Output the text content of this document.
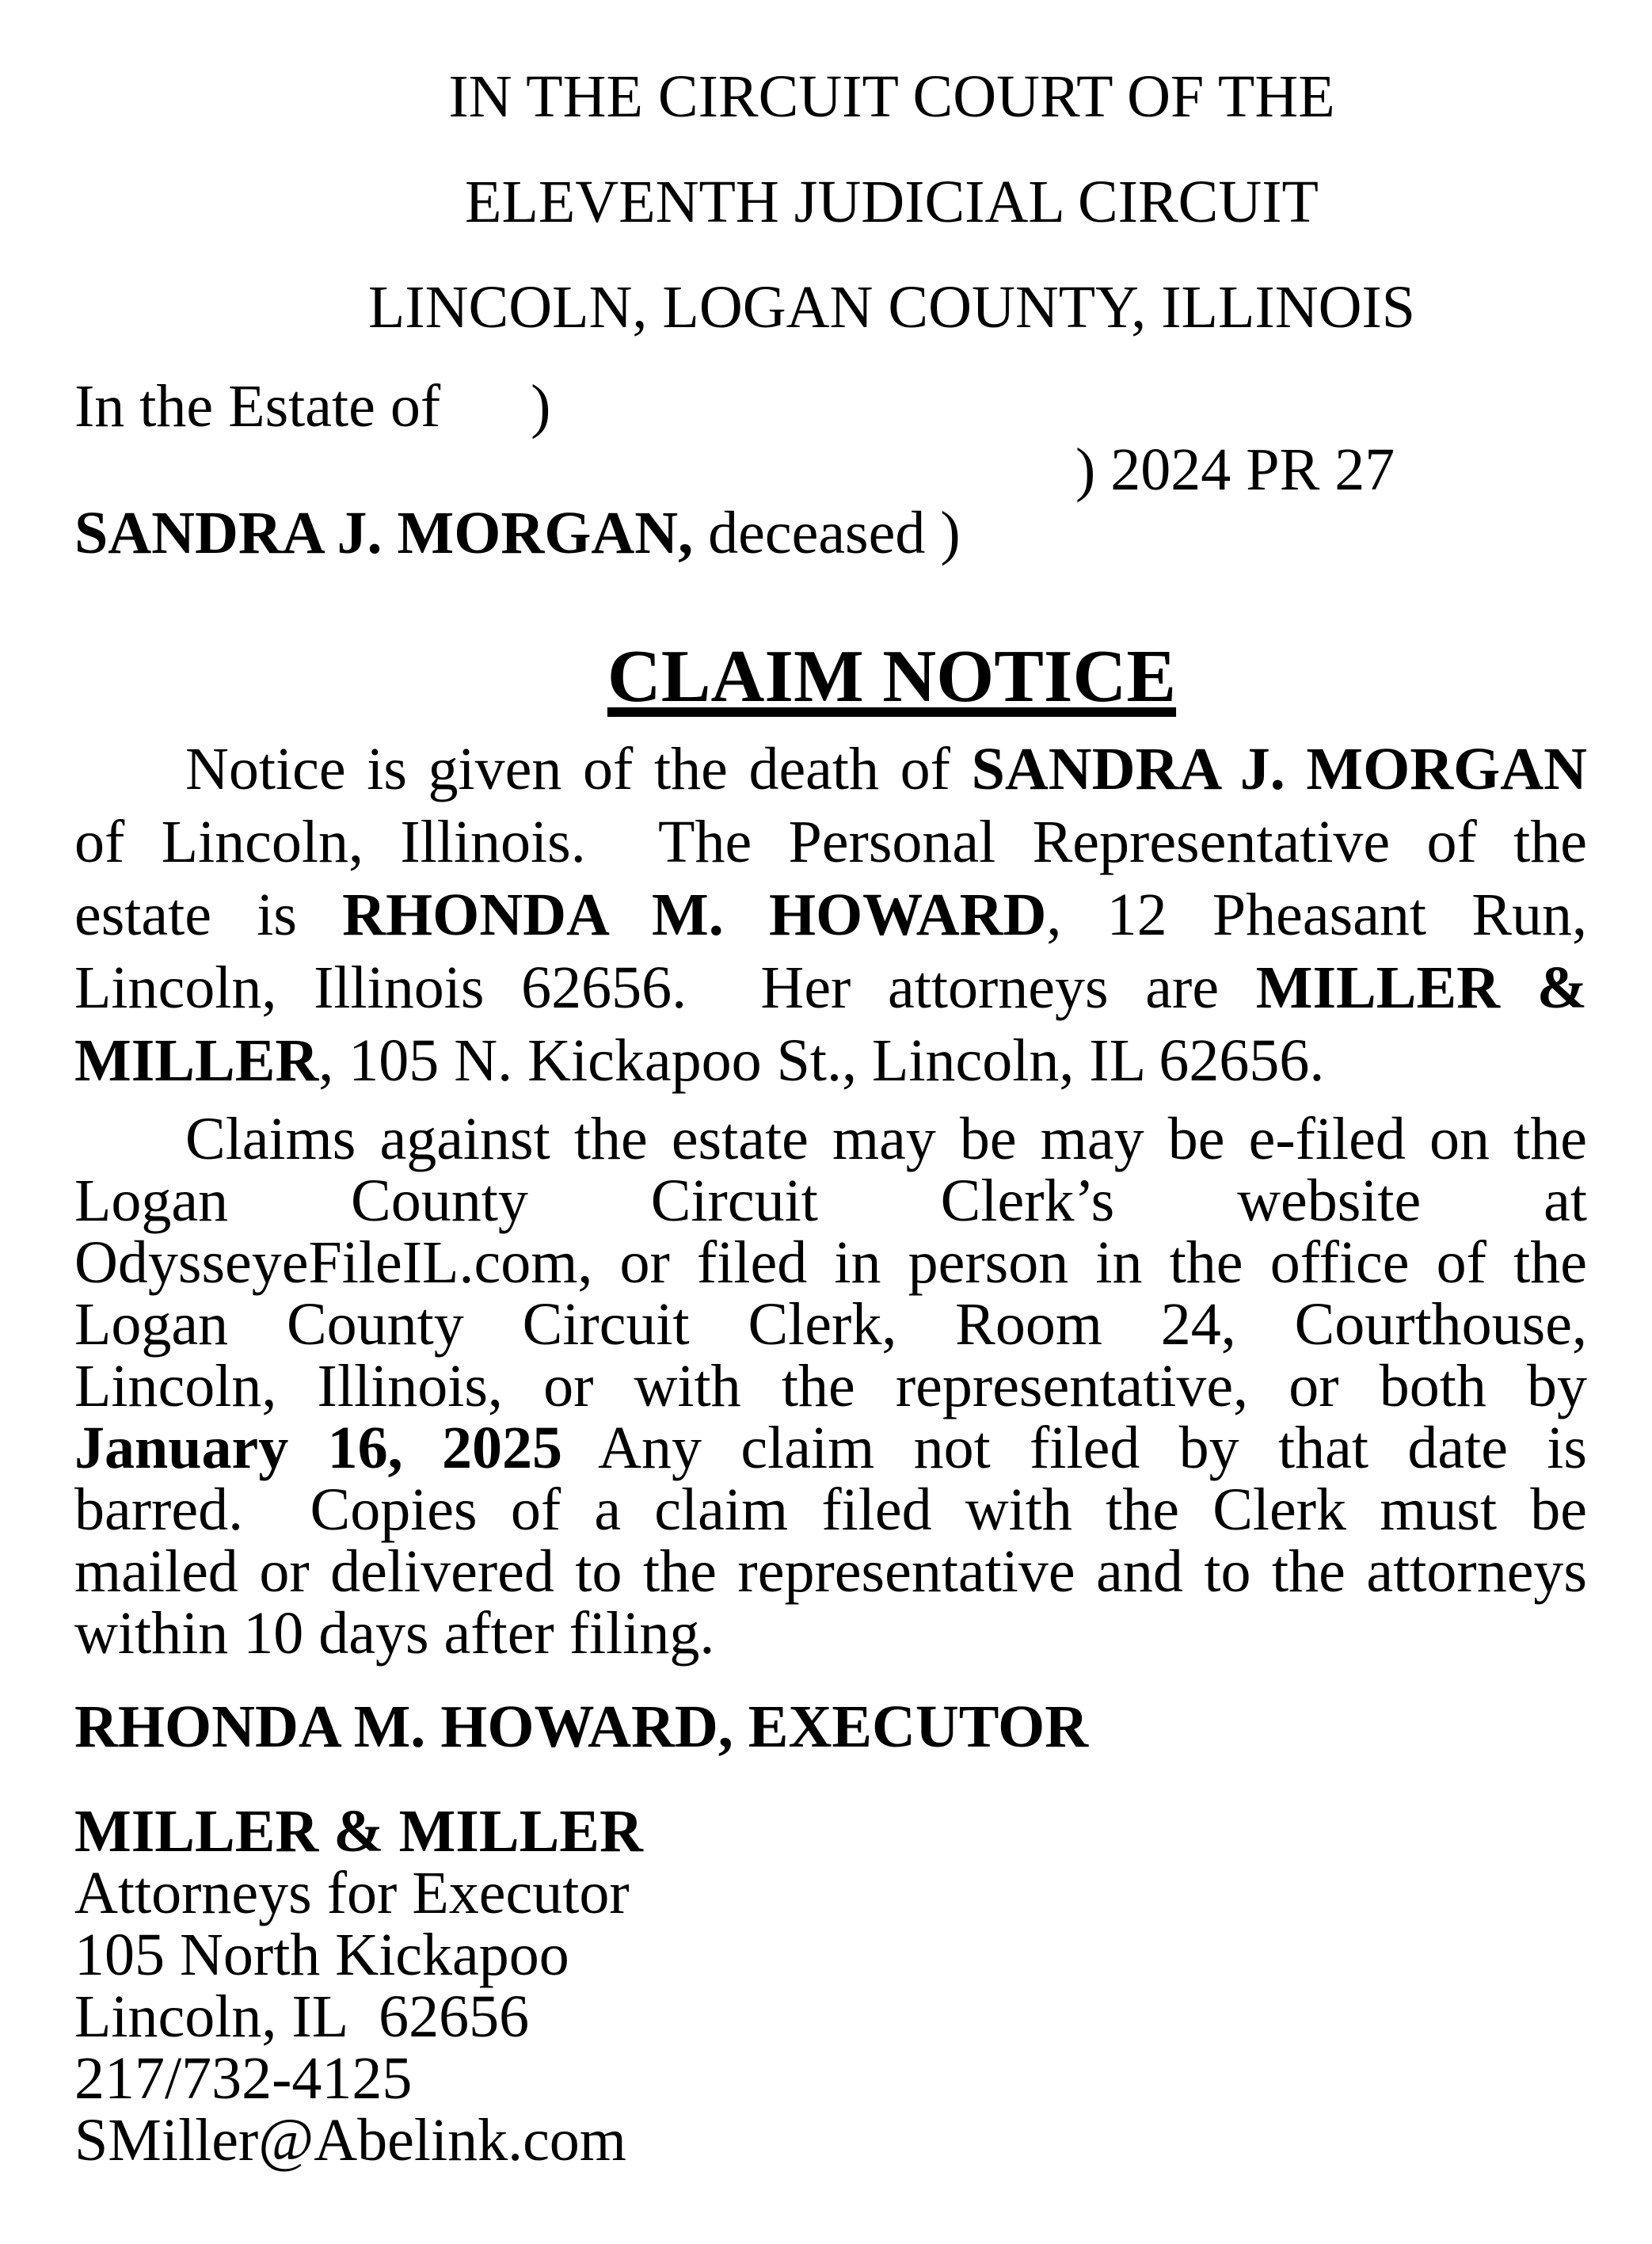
IN THE CIRCUIT COURT OF THE
ELEVENTH JUDICIAL CIRCUIT
LINCOLN, LOGAN COUNTY, ILLINOIS
In the Estate of      )
) 2024 PR 27
SANDRA J. MORGAN, deceased )
CLAIM NOTICE
Notice is given of the death of SANDRA J. MORGAN
of Lincoln, Illinois.  The Personal Representative of the
estate is RHONDA M. HOWARD, 12 Pheasant Run,
Lincoln, Illinois 62656.  Her attorneys are MILLER &
MILLER, 105 N. Kickapoo St., Lincoln, IL 62656.
Claims against the estate may be may be e-filed on the
Logan County Circuit Clerk’s website at
OdysseyeFileIL.com, or filed in person in the office of the
Logan County Circuit Clerk, Room 24, Courthouse,
Lincoln, Illinois, or with the representative, or both by
January 16, 2025 Any claim not filed by that date is
barred.  Copies of a claim filed with the Clerk must be
mailed or delivered to the representative and to the attorneys
within 10 days after filing.
RHONDA M. HOWARD, EXECUTOR
MILLER & MILLER
Attorneys for Executor
105 North Kickapoo
Lincoln, IL  62656
217/732-4125
SMiller@Abelink.com
